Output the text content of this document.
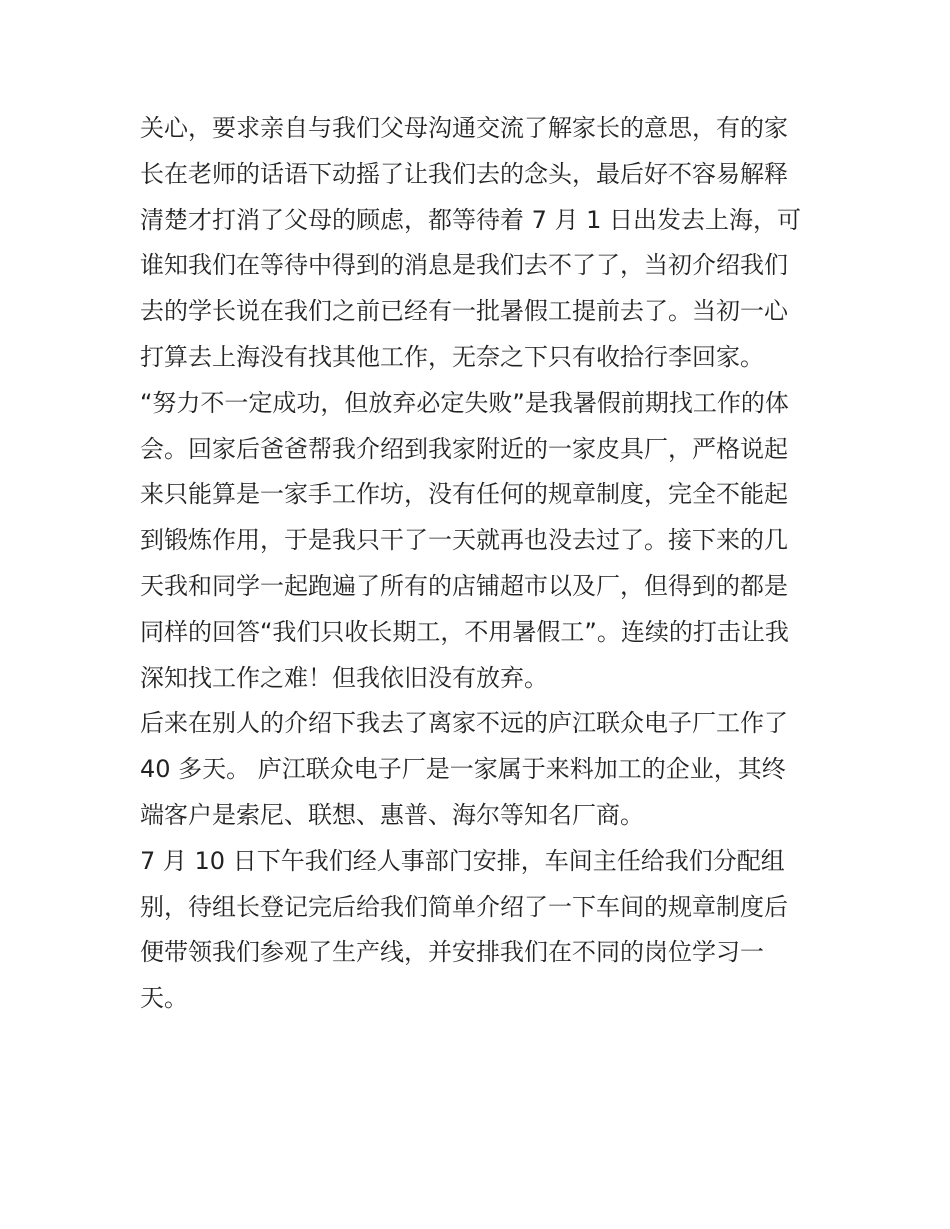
关心，要求亲自与我们父母沟通交流了解家长的意思，有的家
长在老师的话语下动摇了让我们去的念头，最后好不容易解释
清楚才打消了父母的顾虑，都等待着 7 月 1 日出发去上海，可
谁知我们在等待中得到的消息是我们去不了了，当初介绍我们
去的学长说在我们之前已经有一批暑假工提前去了。当初一心
打算去上海没有找其他工作，无奈之下只有收拾行李回家。
“努力不一定成功，但放弃必定失败”是我暑假前期找工作的体
会。回家后爸爸帮我介绍到我家附近的一家皮具厂，严格说起
来只能算是一家手工作坊，没有任何的规章制度，完全不能起
到锻炼作用，于是我只干了一天就再也没去过了。接下来的几
天我和同学一起跑遍了所有的店铺超市以及厂，但得到的都是
同样的回答“我们只收长期工，不用暑假工”。连续的打击让我
深知找工作之难！但我依旧没有放弃。
后来在别人的介绍下我去了离家不远的庐江联众电子厂工作了
40 多天。 庐江联众电子厂是一家属于来料加工的企业，其终
端客户是索尼、联想、惠普、海尔等知名厂商。
7 月 10 日下午我们经人事部门安排，车间主任给我们分配组
别，待组长登记完后给我们简单介绍了一下车间的规章制度后
便带领我们参观了生产线，并安排我们在不同的岗位学习一
天。
